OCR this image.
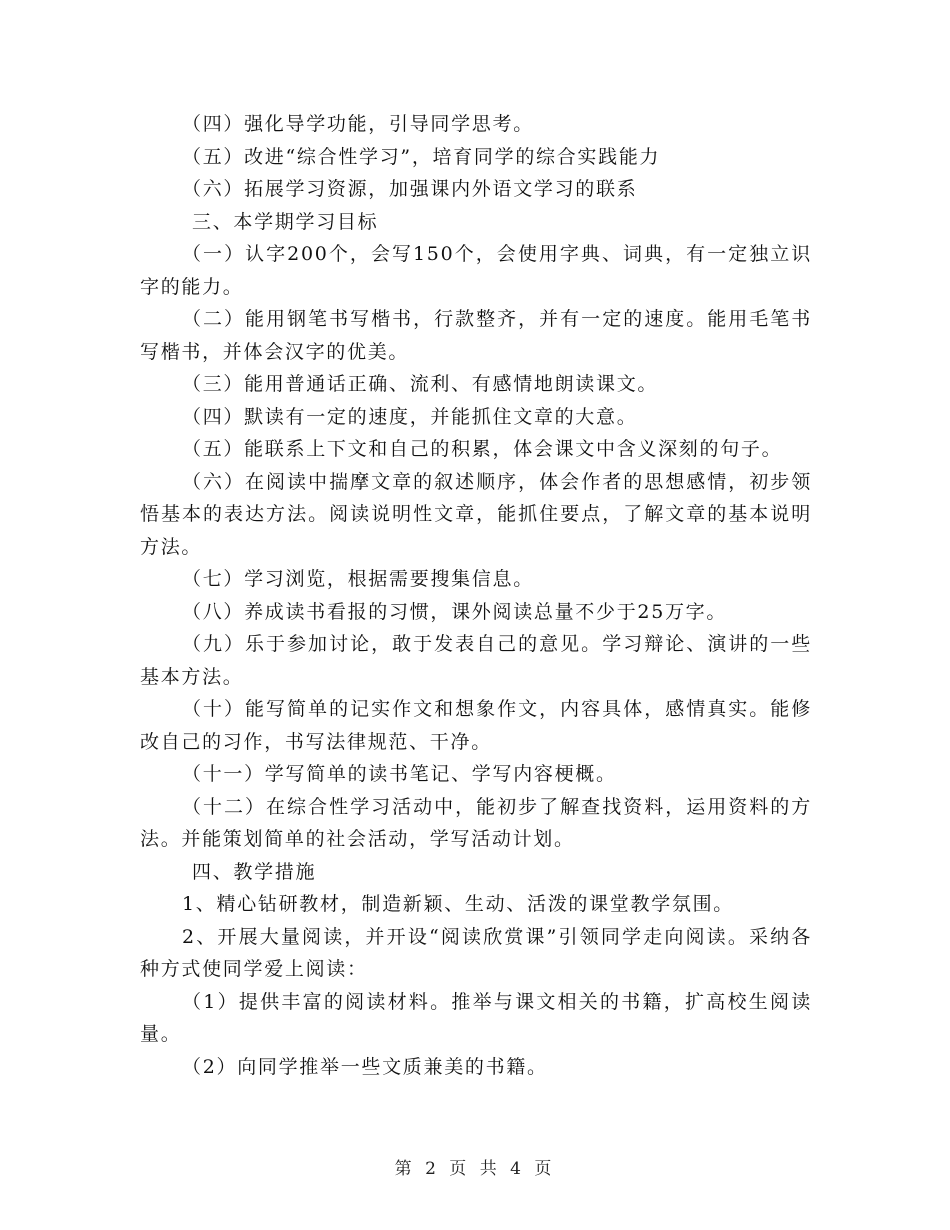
（四）强化导学功能，引导同学思考。

（五）改进“综合性学习”，培育同学的综合实践能力

（六）拓展学习资源，加强课内外语文学习的联系

三、本学期学习目标

（一）认字200个，会写150个，会使用字典、词典，有一定独立识字的能力。

（二）能用钢笔书写楷书，行款整齐，并有一定的速度。能用毛笔书写楷书，并体会汉字的优美。

（三）能用普通话正确、流利、有感情地朗读课文。

（四）默读有一定的速度，并能抓住文章的大意。

（五）能联系上下文和自己的积累，体会课文中含义深刻的句子。

（六）在阅读中揣摩文章的叙述顺序，体会作者的思想感情，初步领悟基本的表达方法。阅读说明性文章，能抓住要点，了解文章的基本说明方法。

（七）学习浏览，根据需要搜集信息。

（八）养成读书看报的习惯，课外阅读总量不少于25万字。

（九）乐于参加讨论，敢于发表自己的意见。学习辩论、演讲的一些基本方法。

（十）能写简单的记实作文和想象作文，内容具体，感情真实。能修改自己的习作，书写法律规范、干净。

（十一）学写简单的读书笔记、学写内容梗概。

（十二）在综合性学习活动中，能初步了解查找资料，运用资料的方法。并能策划简单的社会活动，学写活动计划。

四、教学措施

1、精心钻研教材，制造新颖、生动、活泼的课堂教学氛围。

2、开展大量阅读，并开设“阅读欣赏课”引领同学走向阅读。采纳各种方式使同学爱上阅读：

（1）提供丰富的阅读材料。推举与课文相关的书籍，扩高校生阅读量。

（2）向同学推举一些文质兼美的书籍。

第 2 页 共 4 页
